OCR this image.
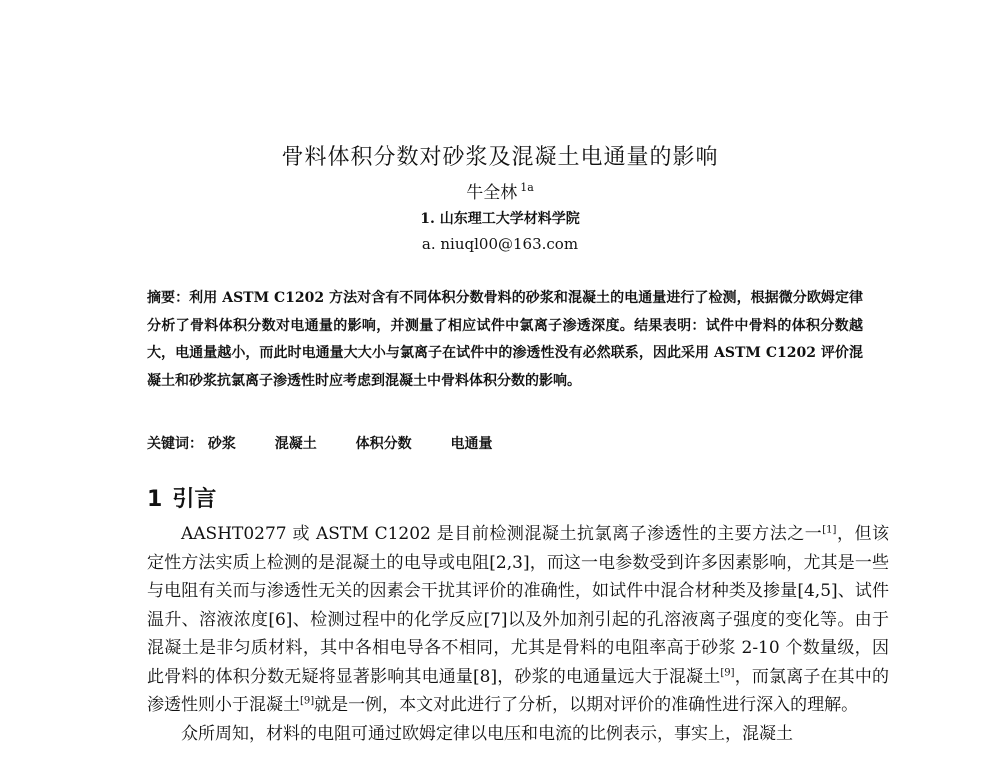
骨料体积分数对砂浆及混凝土电通量的影响
牛全林 $^{1a}$
1. 山东理工大学材料学院
a. niuql00@163.com
摘要：利用 ASTM C1202 方法对含有不同体积分数骨料的砂浆和混凝土的电通量进行了检测，根据微分欧姆定律分析了骨料体积分数对电通量的影响，并测量了相应试件中氯离子渗透深度。结果表明：试件中骨料的体积分数越大，电通量越小，而此时电通量大大小与氯离子在试件中的渗透性没有必然联系，因此采用 ASTM C1202 评价混凝土和砂浆抗氯离子渗透性时应考虑到混凝土中骨料体积分数的影响。
关键词： 砂浆	混凝土	体积分数	电通量
1 引言

AASHT0277 或 ASTM C1202 是目前检测混凝土抗氯离子渗透性的主要方法之一[1]，但该定性方法实质上检测的是混凝土的电导或电阻[2,3]，而这一电参数受到许多因素影响，尤其是一些与电阻有关而与渗透性无关的因素会干扰其评价的准确性，如试件中混合材种类及掺量[4,5]、试件温升、溶液浓度[6]、检测过程中的化学反应[7]以及外加剂引起的孔溶液离子强度的变化等。由于混凝土是非匀质材料，其中各相电导各不相同，尤其是骨料的电阻率高于砂浆 2-10 个数量级，因此骨料的体积分数无疑将显著影响其电通量[8]，砂浆的电通量远大于混凝土[9]，而氯离子在其中的渗透性则小于混凝土[9]就是一例，本文对此进行了分析，以期对评价的准确性进行深入的理解。

众所周知，材料的电阻可通过欧姆定律以电压和电流的比例表示，事实上，混凝土
